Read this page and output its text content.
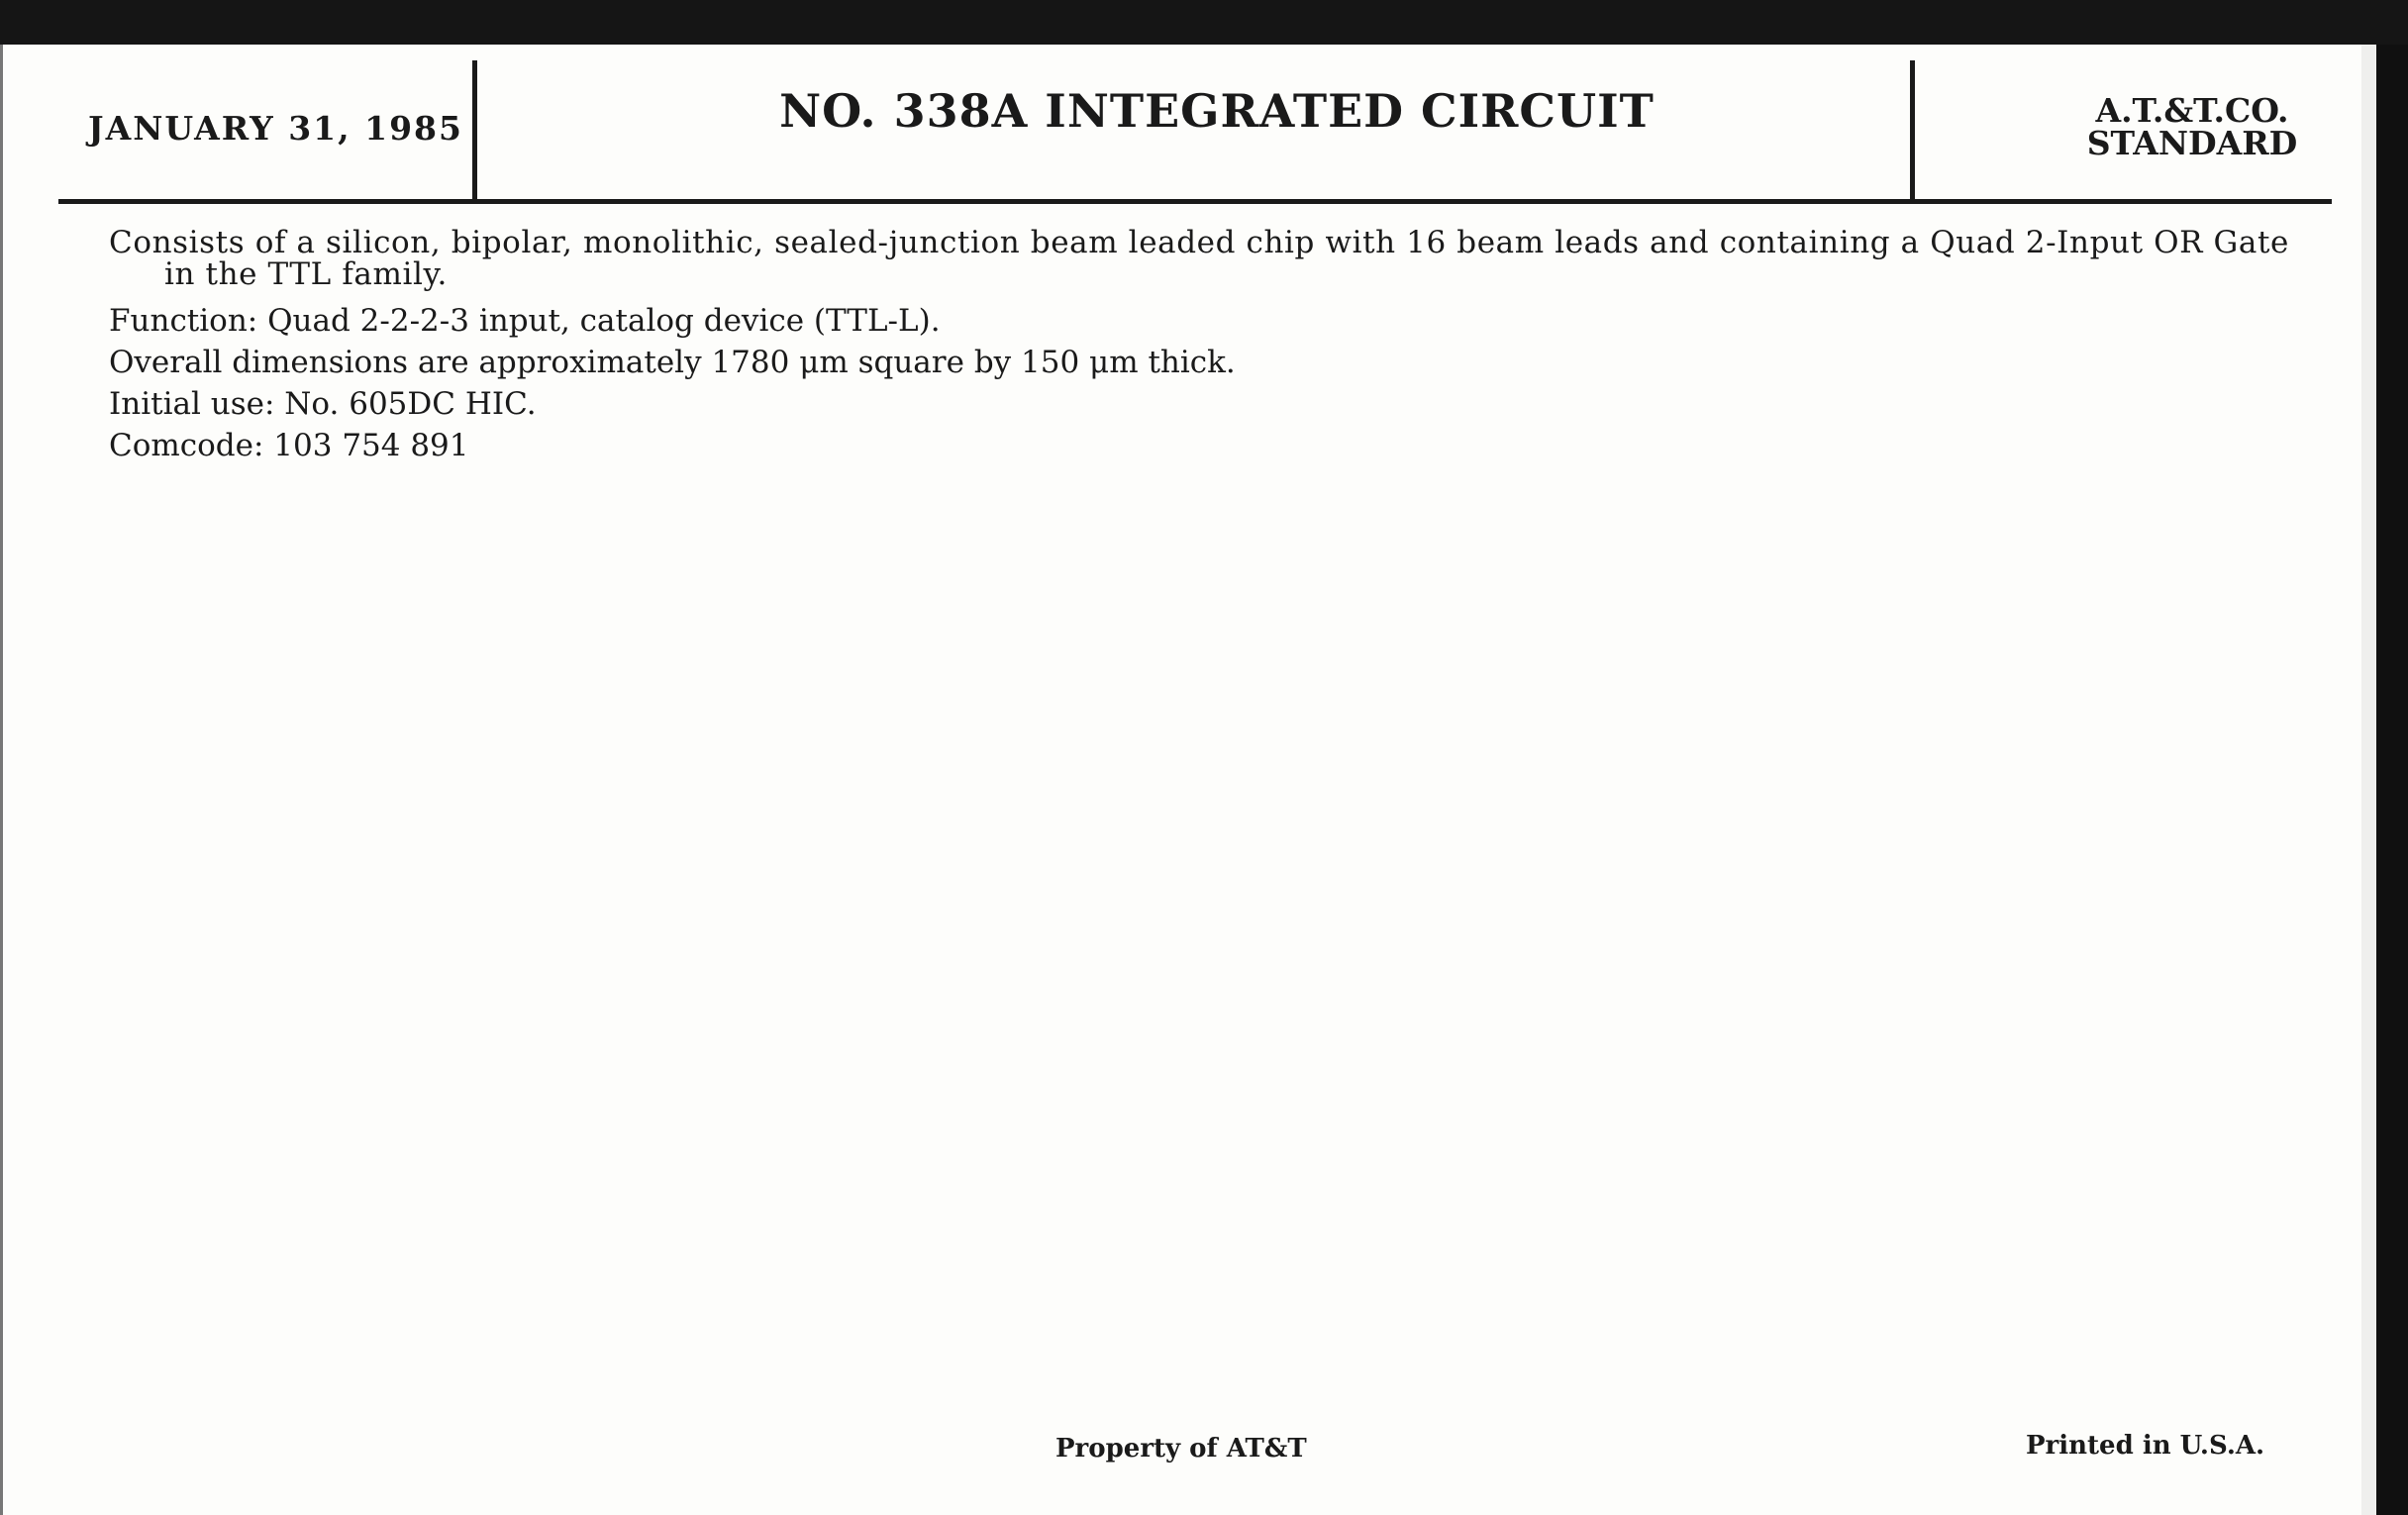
JANUARY 31, 1985	NO. 338A INTEGRATED CIRCUIT	A.T.&T.CO.
STANDARD

Consists of a silicon, bipolar, monolithic, sealed-junction beam leaded chip with 16 beam leads and containing a Quad 2-Input OR Gate in the TTL family.

Function: Quad 2-2-2-3 input, catalog device (TTL-L).

Overall dimensions are approximately 1780 μm square by 150 μm thick.

Initial use: No. 605DC HIC.

Comcode: 103 754 891

Property of AT&T	Printed in U.S.A.
